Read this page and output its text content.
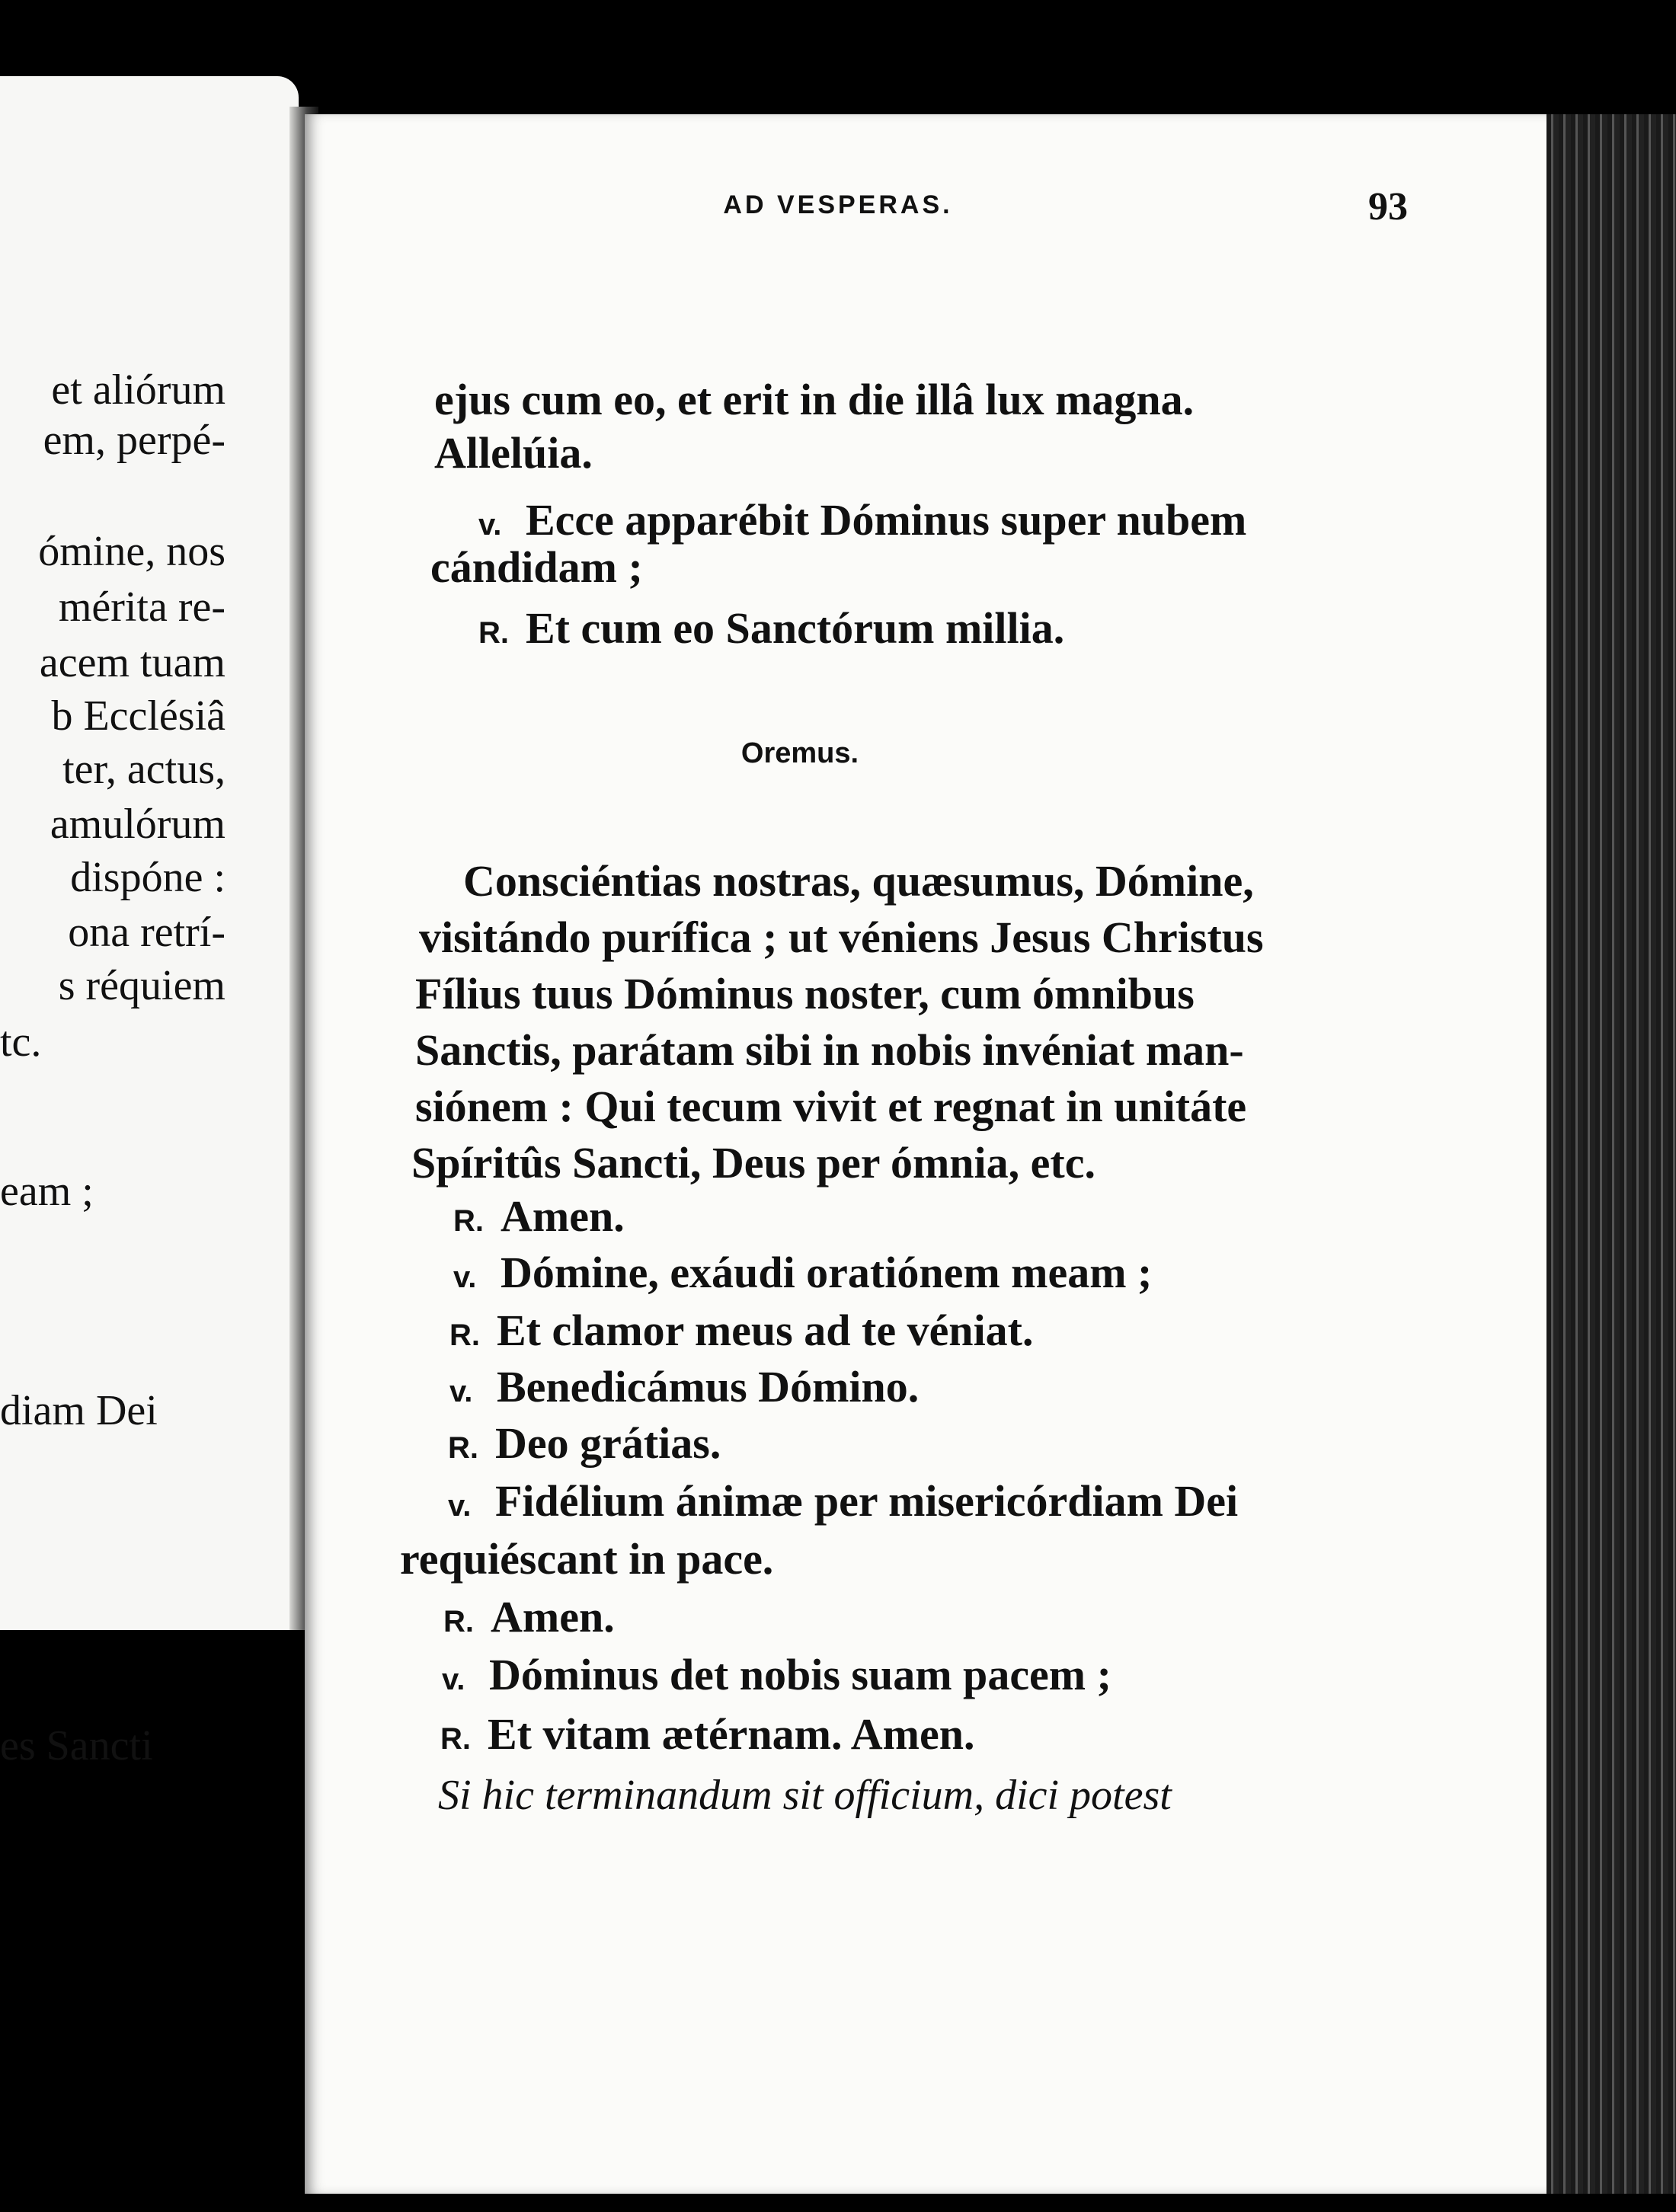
et aliórum
em, perpé-
ómine, nos
mérita re-
acem tuam
b Ecclésiâ
ter, actus,
amulórum
dispóne :
ona retrí-
s réquiem
tc.
eam ;
diam Dei
es Sancti
AD VESPERAS.	93
ejus cum eo, et erit in die illâ lux magna.
Allelúia.
v. Ecce apparébit Dóminus super nubem
cándidam ;
R. Et cum eo Sanctórum millia.
Oremus.
Consciéntias nostras, quæsumus, Dómine,
visitándo purífica ; ut véniens Jesus Christus
Fílius tuus Dóminus noster, cum ómnibus
Sanctis, parátam sibi in nobis invéniat man-
siónem : Qui tecum vivit et regnat in unitáte
Spíritûs Sancti, Deus per ómnia, etc.
R. Amen.
v. Dómine, exáudi oratiónem meam ;
R. Et clamor meus ad te véniat.
v. Benedicámus Dómino.
R. Deo grátias.
v. Fidélium ánimæ per misericórdiam Dei
requiéscant in pace.
R. Amen.
v. Dóminus det nobis suam pacem ;
R. Et vitam ætérnam. Amen.
Si hic terminandum sit officium, dici potest
